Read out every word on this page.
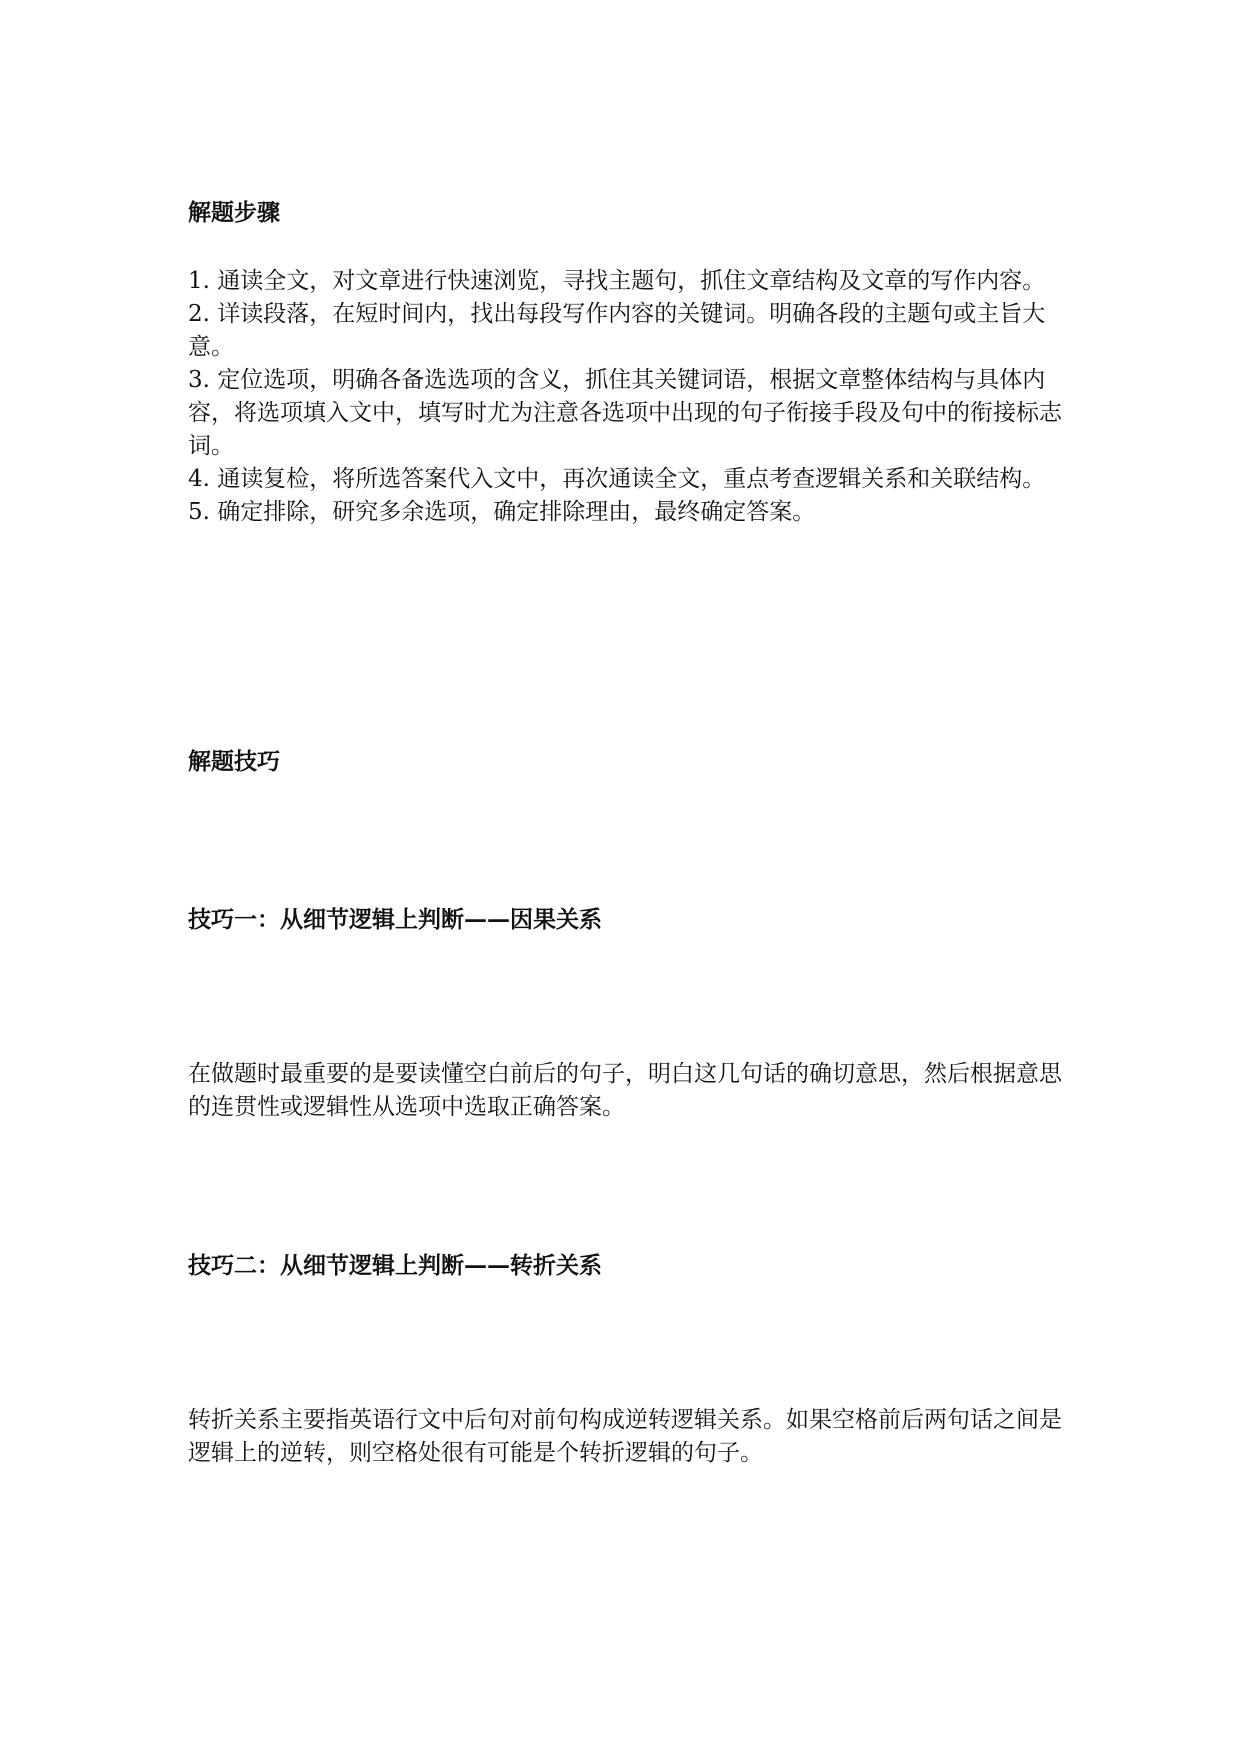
解题步骤
1. 通读全文，对文章进行快速浏览，寻找主题句，抓住文章结构及文章的写作内容。
2. 详读段落，在短时间内，找出每段写作内容的关键词。明确各段的主题句或主旨大意。
3. 定位选项，明确各备选选项的含义，抓住其关键词语，根据文章整体结构与具体内容，将选项填入文中，填写时尤为注意各选项中出现的句子衔接手段及句中的衔接标志词。
4. 通读复检，将所选答案代入文中，再次通读全文，重点考查逻辑关系和关联结构。
5. 确定排除，研究多余选项，确定排除理由，最终确定答案。
解题技巧
技巧一：从细节逻辑上判断——因果关系

在做题时最重要的是要读懂空白前后的句子，明白这几句话的确切意思，然后根据意思的连贯性或逻辑性从选项中选取正确答案。

技巧二：从细节逻辑上判断——转折关系

转折关系主要指英语行文中后句对前句构成逆转逻辑关系。如果空格前后两句话之间是逻辑上的逆转，则空格处很有可能是个转折逻辑的句子。
